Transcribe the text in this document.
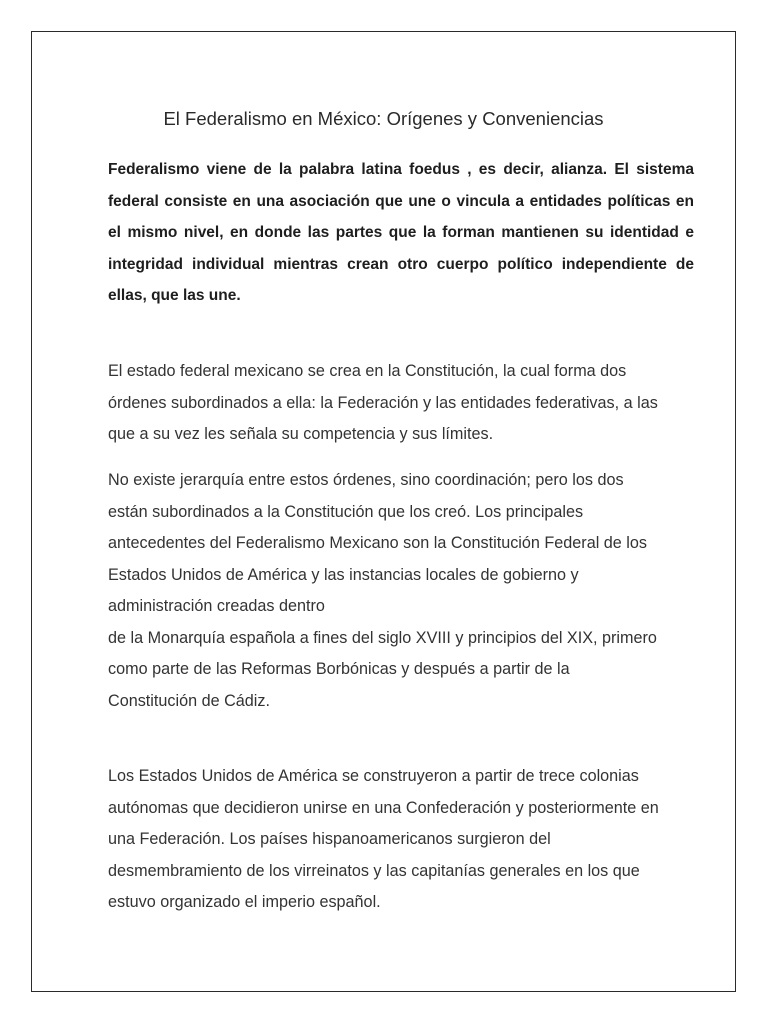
El Federalismo en México: Orígenes y Conveniencias

Federalismo viene de la palabra latina foedus , es decir, alianza. El sistema federal consiste en una asociación que une o vincula a entidades políticas en el mismo nivel, en donde las partes que la forman mantienen su identidad e integridad individual mientras crean otro cuerpo político independiente de ellas, que las une.

El estado federal mexicano se crea en la Constitución, la cual forma dos
órdenes subordinados a ella: la Federación y las entidades federativas, a las
que a su vez les señala su competencia y sus límites.

No existe jerarquía entre estos órdenes, sino coordinación; pero los dos
están subordinados a la Constitución que los creó. Los principales
antecedentes del Federalismo Mexicano son la Constitución Federal de los
Estados Unidos de América y las instancias locales de gobierno y
administración creadas dentro
de la Monarquía española a fines del siglo XVIII y principios del XIX, primero
como parte de las Reformas Borbónicas y después a partir de la
Constitución de Cádiz.

Los Estados Unidos de América se construyeron a partir de trece colonias
autónomas que decidieron unirse en una Confederación y posteriormente en
una Federación. Los países hispanoamericanos surgieron del
desmembramiento de los virreinatos y las capitanías generales en los que
estuvo organizado el imperio español.
